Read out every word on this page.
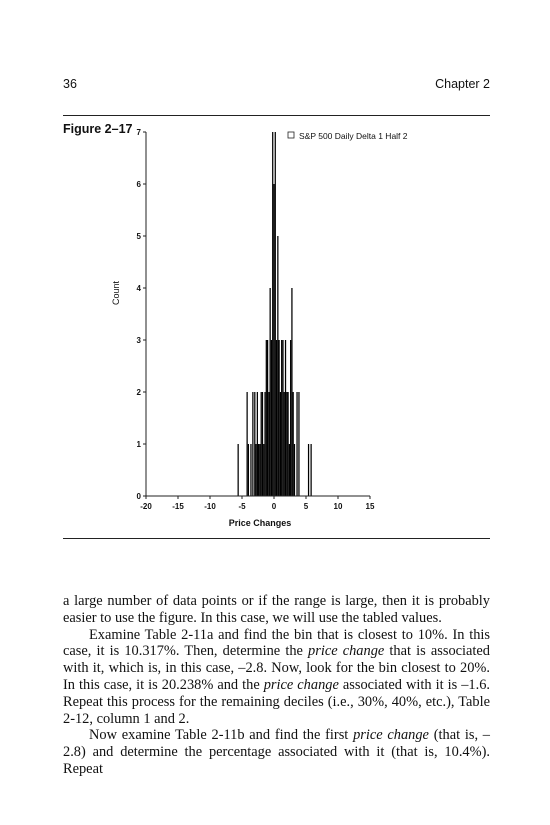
36	Chapter 2
Figure 2–17
0
1
2
3
4
5
6
7
-20	-15	-10	-5	0	5	10	15
Count
Price Changes
S&P 500 Daily Delta 1 Half 2

a large number of data points or if the range is large, then it is probably easier to use the figure. In this case, we will use the tabled values.

Examine Table 2-11a and find the bin that is closest to 10%. In this case, it is 10.317%. Then, determine the price change that is associated with it, which is, in this case, –2.8. Now, look for the bin closest to 20%. In this case, it is 20.238% and the price change associated with it is –1.6. Repeat this process for the remaining deciles (i.e., 30%, 40%, etc.), Table 2-12, column 1 and 2.

Now examine Table 2-11b and find the first price change (that is, –2.8) and determine the percentage associated with it (that is, 10.4%). Repeat
